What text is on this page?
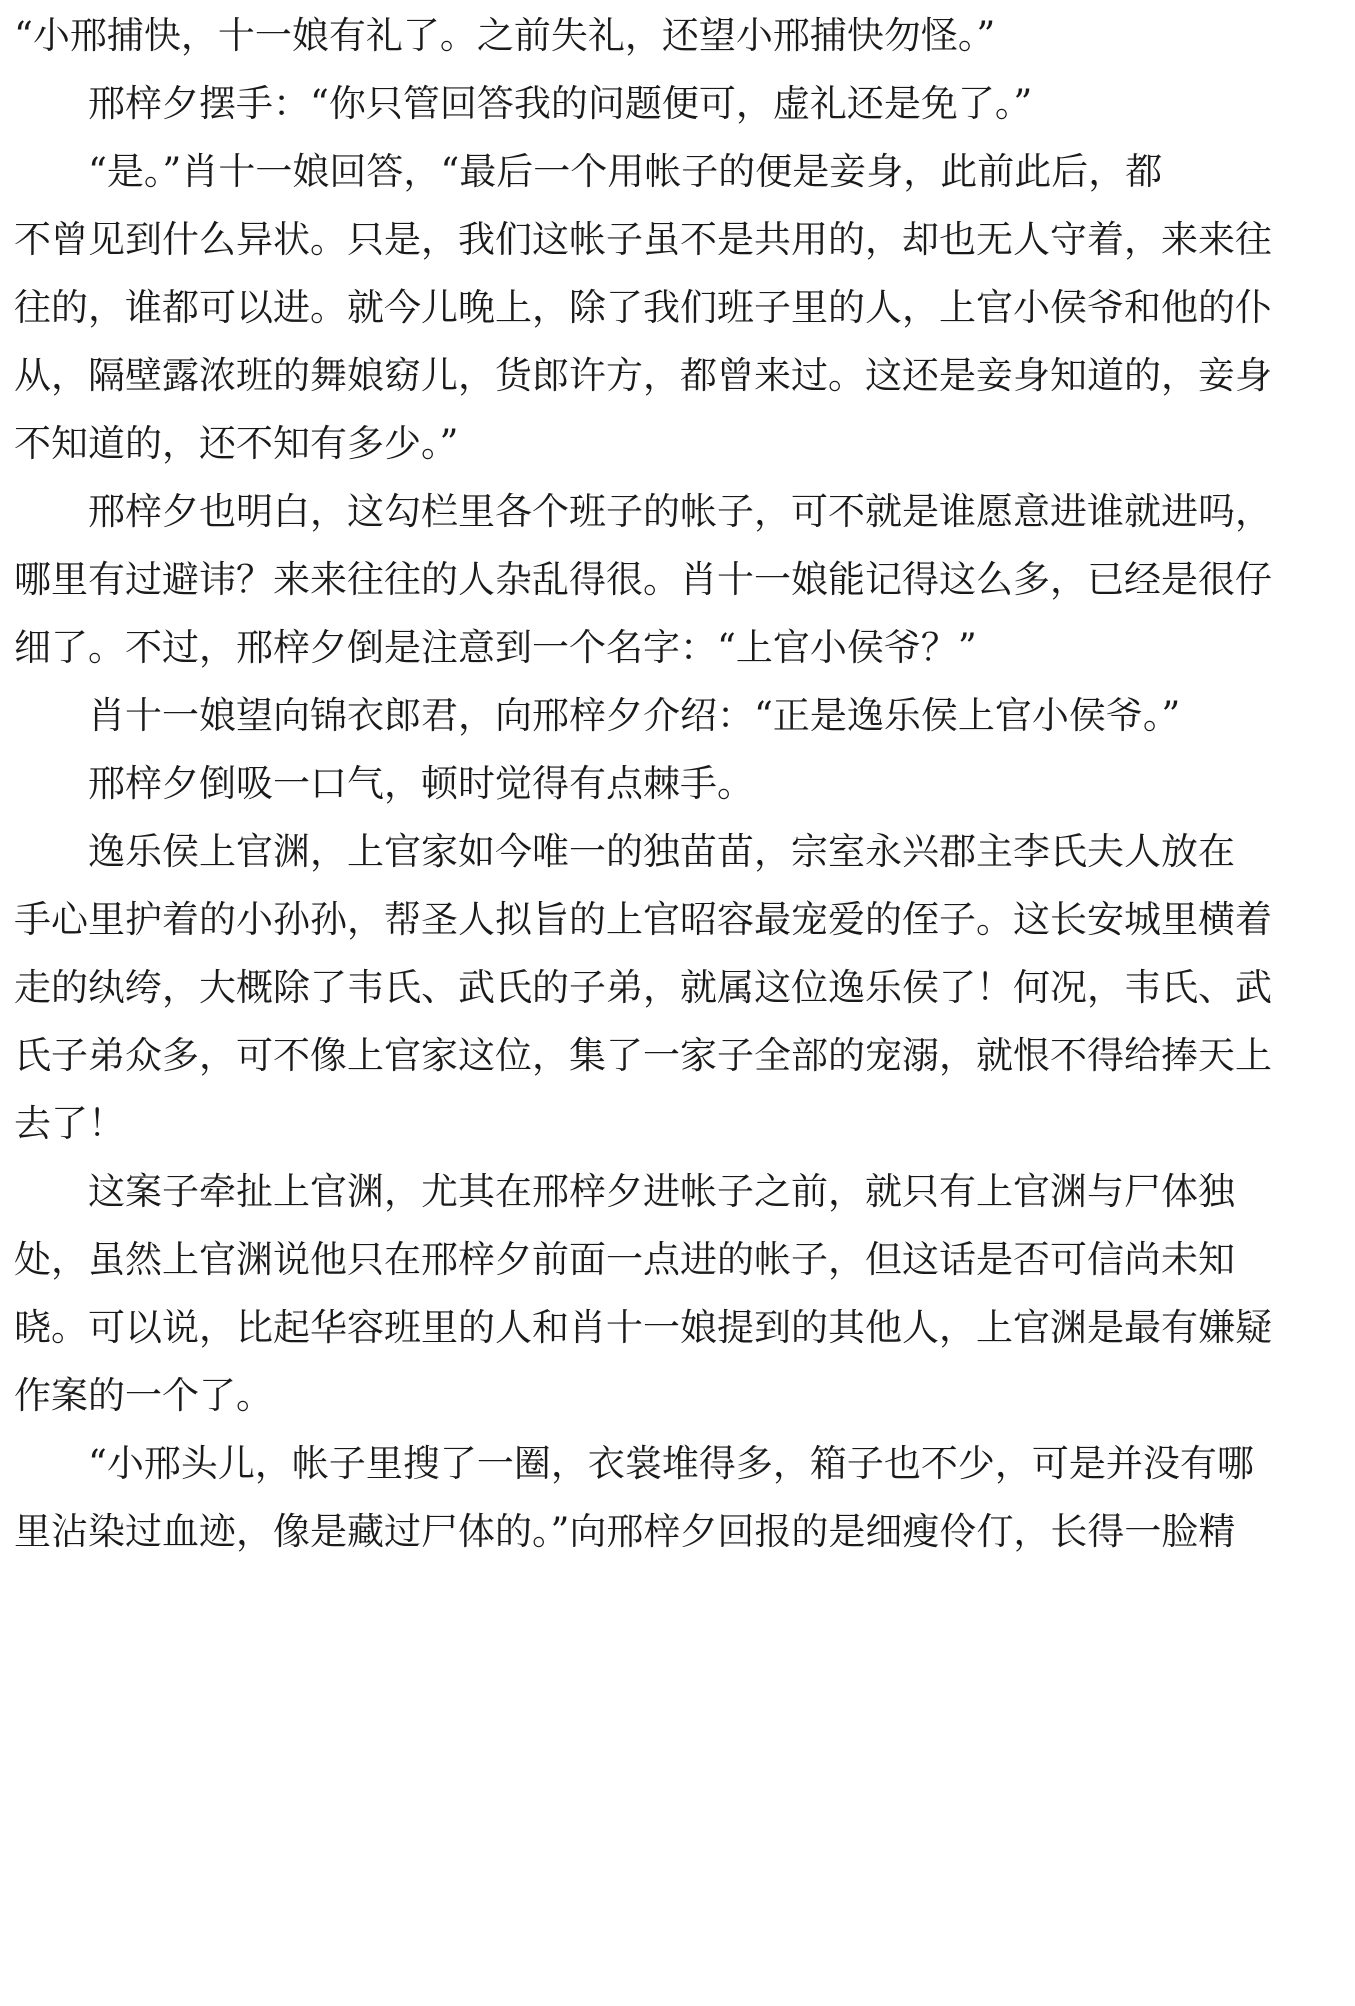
“小邢捕快，十一娘有礼了。之前失礼，还望小邢捕快勿怪。”
邢梓夕摆手：“你只管回答我的问题便可，虚礼还是免了。”
“是。”肖十一娘回答，“最后一个用帐子的便是妾身，此前此后，都
不曾见到什么异状。只是，我们这帐子虽不是共用的，却也无人守着，来来往
往的，谁都可以进。就今儿晚上，除了我们班子里的人，上官小侯爷和他的仆
从，隔壁露浓班的舞娘窈儿，货郎许方，都曾来过。这还是妾身知道的，妾身
不知道的，还不知有多少。”
邢梓夕也明白，这勾栏里各个班子的帐子，可不就是谁愿意进谁就进吗，
哪里有过避讳？来来往往的人杂乱得很。肖十一娘能记得这么多，已经是很仔
细了。不过，邢梓夕倒是注意到一个名字：“上官小侯爷？”
肖十一娘望向锦衣郎君，向邢梓夕介绍：“正是逸乐侯上官小侯爷。”
邢梓夕倒吸一口气，顿时觉得有点棘手。
逸乐侯上官渊，上官家如今唯一的独苗苗，宗室永兴郡主李氏夫人放在
手心里护着的小孙孙，帮圣人拟旨的上官昭容最宠爱的侄子。这长安城里横着
走的纨绔，大概除了韦氏、武氏的子弟，就属这位逸乐侯了！何况，韦氏、武
氏子弟众多，可不像上官家这位，集了一家子全部的宠溺，就恨不得给捧天上
去了！
这案子牵扯上官渊，尤其在邢梓夕进帐子之前，就只有上官渊与尸体独
处，虽然上官渊说他只在邢梓夕前面一点进的帐子，但这话是否可信尚未知
晓。可以说，比起华容班里的人和肖十一娘提到的其他人，上官渊是最有嫌疑
作案的一个了。
“小邢头儿，帐子里搜了一圈，衣裳堆得多，箱子也不少，可是并没有哪
里沾染过血迹，像是藏过尸体的。”向邢梓夕回报的是细瘦伶仃，长得一脸精
